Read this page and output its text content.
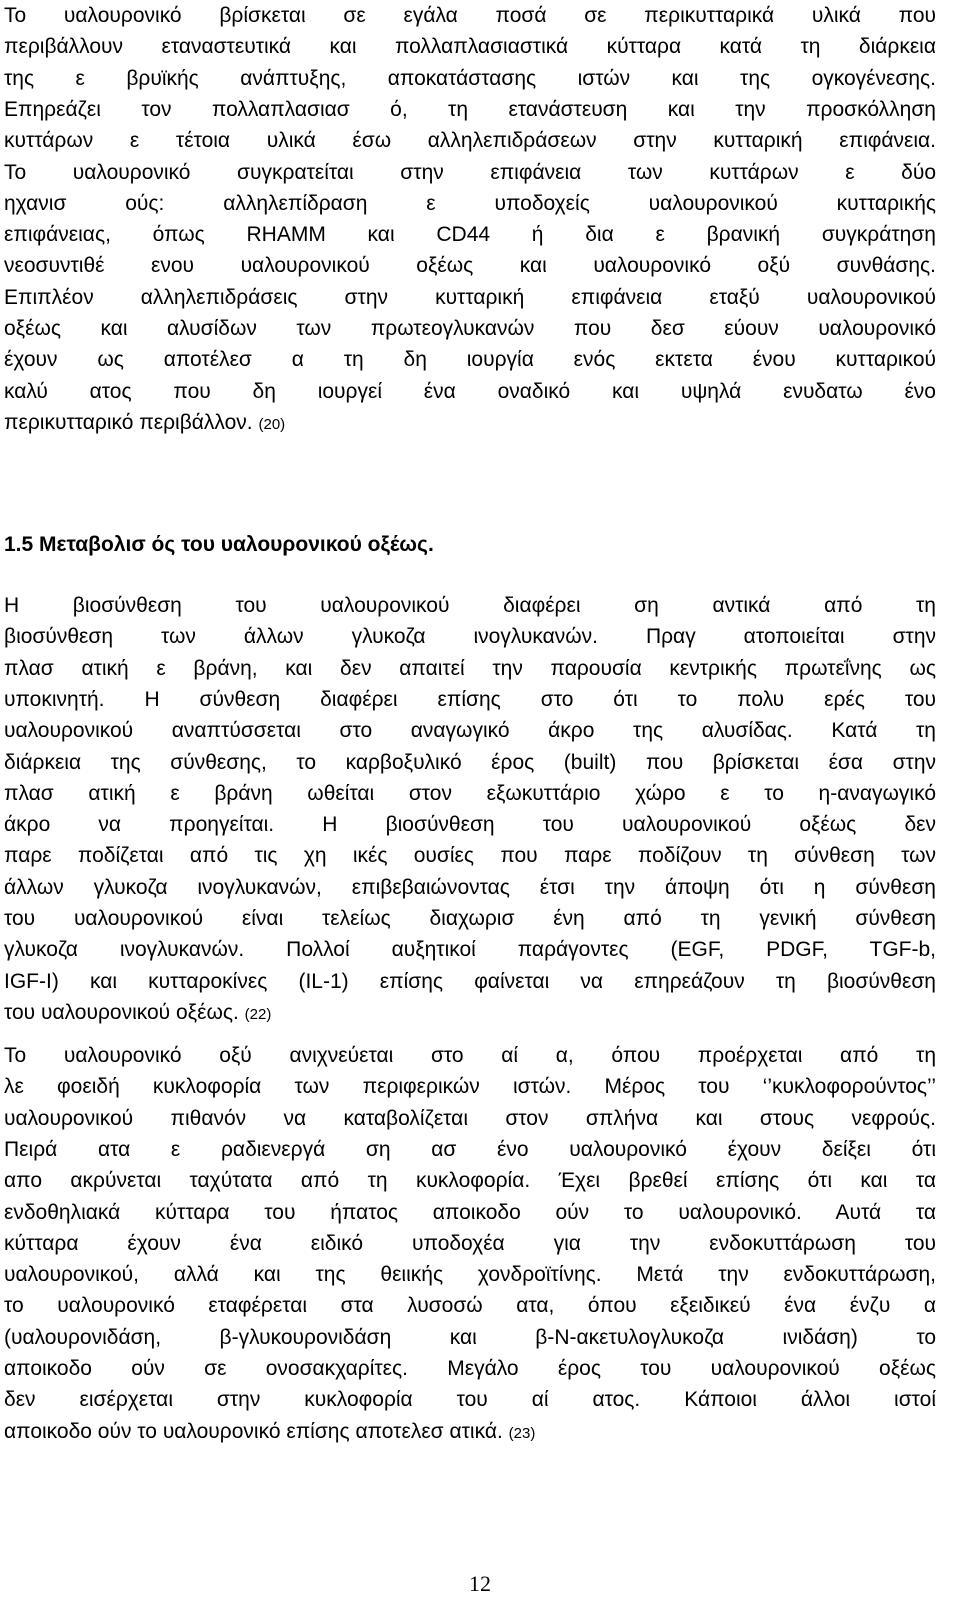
Το υαλουρονικό βρίσκεται σε εγάλα ποσά σε περικυτταρικά υλικά που
περιβάλλουν εταναστευτικά και πολλαπλασιαστικά κύτταρα κατά τη διάρκεια
της ε βρυϊκής ανάπτυξης, αποκατάστασης ιστών και της ογκογένεσης.
Επηρεάζει τον πολλαπλασιασ ό, τη ετανάστευση και την προσκόλληση
κυττάρων ε τέτοια υλικά έσω αλληλεπιδράσεων στην κυτταρική επιφάνεια.
Το υαλουρονικό συγκρατείται στην επιφάνεια των κυττάρων ε δύο
ηχανισ ούς: αλληλεπίδραση ε υποδοχείς υαλουρονικού κυτταρικής
επιφάνειας, όπως RHAMM και CD44 ή δια ε βρανική συγκράτηση
νεοσυντιθέ ενου υαλουρονικού οξέως και υαλουρονικό οξύ συνθάσης.
Επιπλέον αλληλεπιδράσεις στην κυτταρική επιφάνεια εταξύ υαλουρονικού
οξέως και αλυσίδων των πρωτεογλυκανών που δεσ εύουν υαλουρονικό
έχουν ως αποτέλεσ α τη δη ιουργία ενός εκτετα ένου κυτταρικού
καλύ ατος που δη ιουργεί ένα οναδικό και υψηλά ενυδατω ένο
περικυτταρικό περιβάλλον. (20)
1.5 Μεταβολισ ός του υαλουρονικού οξέως.
Η βιοσύνθεση του υαλουρονικού διαφέρει ση αντικά από τη
βιοσύνθεση των άλλων γλυκοζα ινογλυκανών. Πραγ ατοποιείται στην
πλασ ατική ε βράνη, και δεν απαιτεί την παρουσία κεντρικής πρωτεΐνης ως
υποκινητή. Η σύνθεση διαφέρει επίσης στο ότι το πολυ ερές του
υαλουρονικού αναπτύσσεται στο αναγωγικό άκρο της αλυσίδας. Κατά τη
διάρκεια της σύνθεσης, το καρβοξυλικό έρος (built) που βρίσκεται έσα στην
πλασ ατική ε βράνη ωθείται στον εξωκυττάριο χώρο ε το η-αναγωγικό
άκρο να προηγείται. Η βιοσύνθεση του υαλουρονικού οξέως δεν
παρε ποδίζεται από τις χη ικές ουσίες που παρε ποδίζουν τη σύνθεση των
άλλων γλυκοζα ινογλυκανών, επιβεβαιώνοντας έτσι την άποψη ότι η σύνθεση
του υαλουρονικού είναι τελείως διαχωρισ ένη από τη γενική σύνθεση
γλυκοζα ινογλυκανών. Πολλοί αυξητικοί παράγοντες (EGF, PDGF, TGF-b,
IGF-I) και κυτταροκίνες (IL-1) επίσης φαίνεται να επηρεάζουν τη βιοσύνθεση
του υαλουρονικού οξέως. (22)
Το υαλουρονικό οξύ ανιχνεύεται στο αί α, όπου προέρχεται από τη
λε φοειδή κυκλοφορία των περιφερικών ιστών. Μέρος του ‘’κυκλοφορούντος’’
υαλουρονικού πιθανόν να καταβολίζεται στον σπλήνα και στους νεφρούς.
Πειρά ατα ε ραδιενεργά ση ασ ένο υαλουρονικό έχουν δείξει ότι
απο ακρύνεται ταχύτατα από τη κυκλοφορία. Έχει βρεθεί επίσης ότι και τα
ενδοθηλιακά κύτταρα του ήπατος αποικοδο ούν το υαλουρονικό. Αυτά τα
κύτταρα έχουν ένα ειδικό υποδοχέα για την ενδοκυττάρωση του
υαλουρονικού, αλλά και της θειικής χονδροϊτίνης. Μετά την ενδοκυττάρωση,
το υαλουρονικό εταφέρεται στα λυσοσώ ατα, όπου εξειδικεύ ένα ένζυ α
(υαλουρονιδάση, β-γλυκουρονιδάση και β-N-ακετυλογλυκοζα ινιδάση) το
αποικοδο ούν σε ονοσακχαρίτες. Μεγάλο έρος του υαλουρονικού οξέως
δεν εισέρχεται στην κυκλοφορία του αί ατος. Κάποιοι άλλοι ιστοί
αποικοδο ούν το υαλουρονικό επίσης αποτελεσ ατικά. (23)
12
